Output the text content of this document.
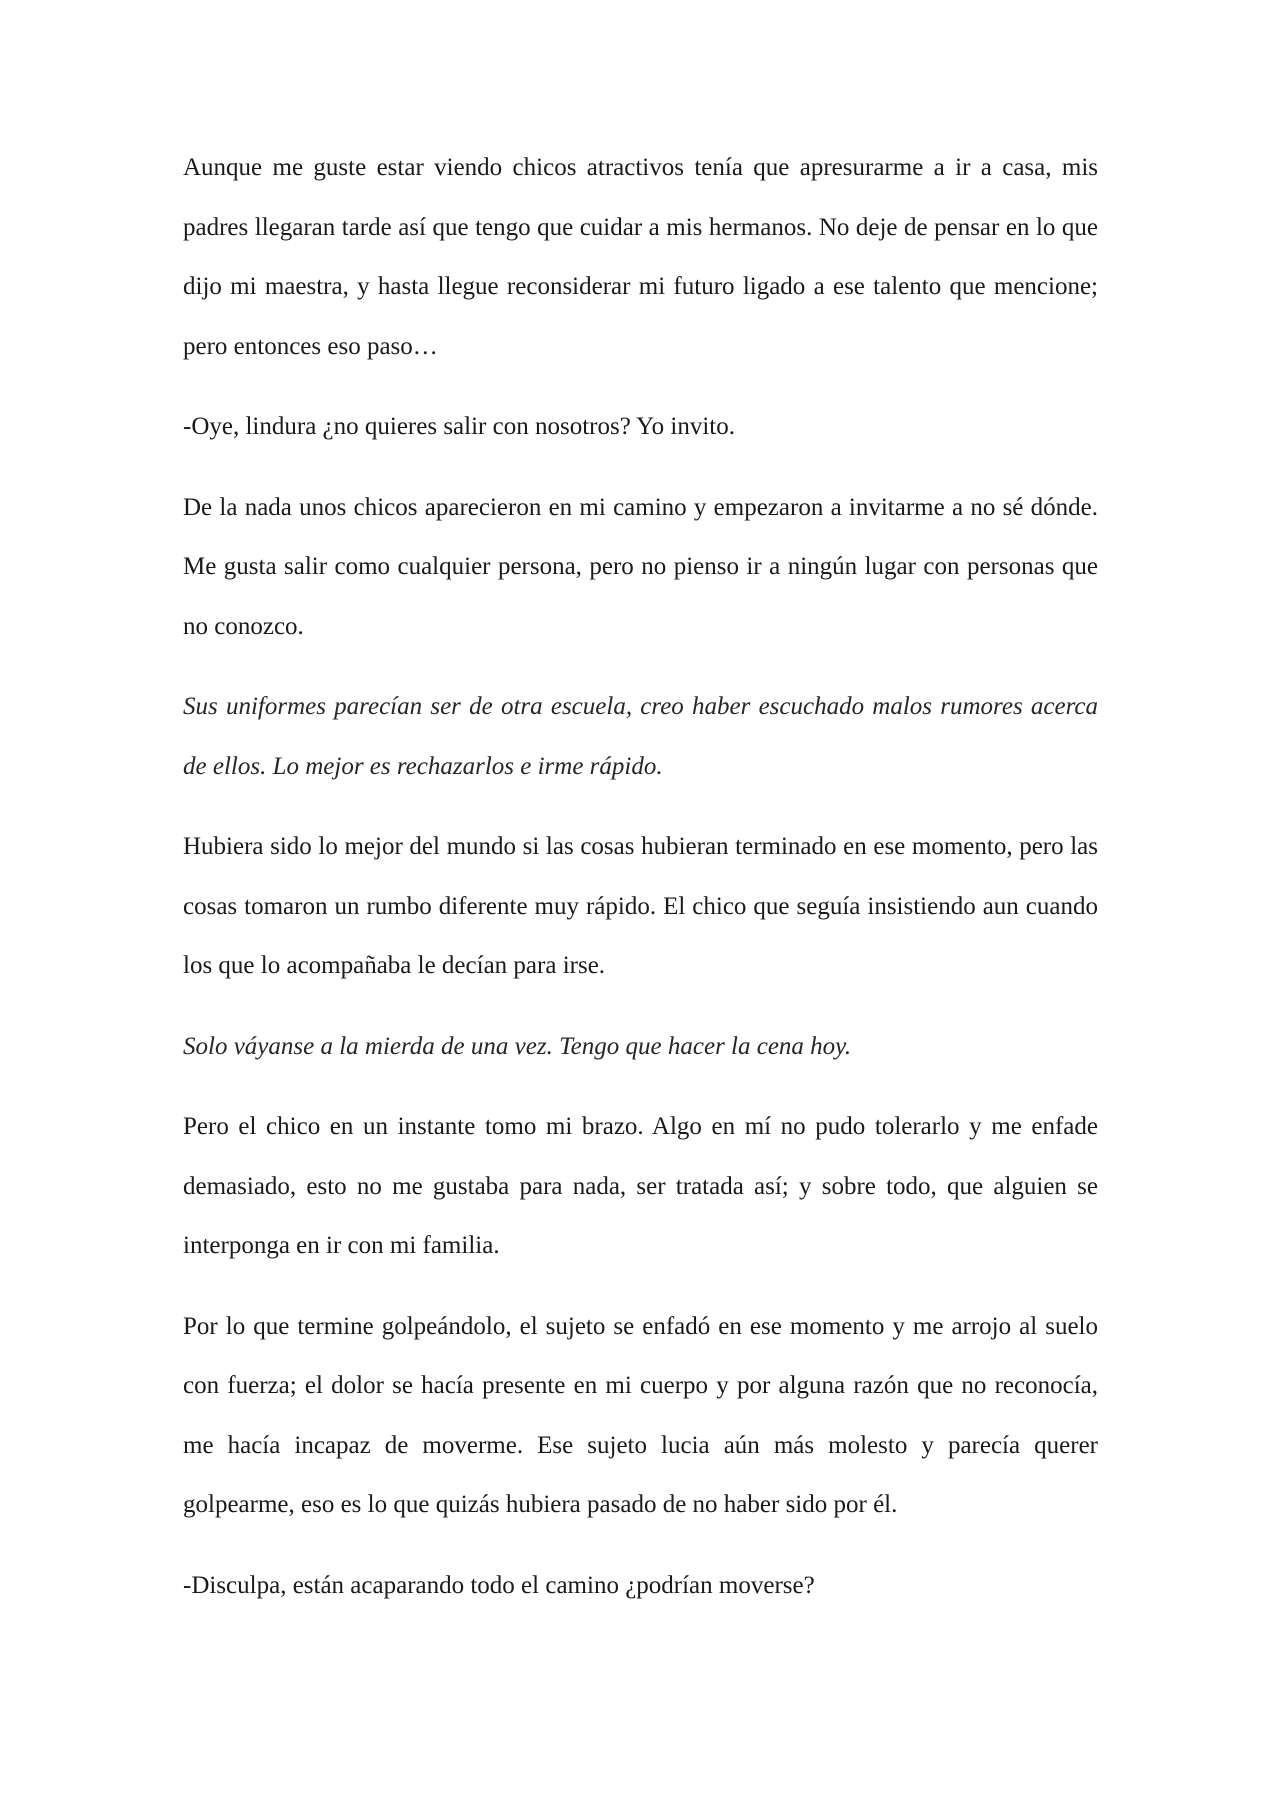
Aunque me guste estar viendo chicos atractivos tenía que apresurarme a ir a casa, mis padres llegaran tarde así que tengo que cuidar a mis hermanos. No deje de pensar en lo que dijo mi maestra, y hasta llegue reconsiderar mi futuro ligado a ese talento que mencione; pero entonces eso paso…

-Oye, lindura ¿no quieres salir con nosotros? Yo invito.

De la nada unos chicos aparecieron en mi camino y empezaron a invitarme a no sé dónde. Me gusta salir como cualquier persona, pero no pienso ir a ningún lugar con personas que no conozco.

Sus uniformes parecían ser de otra escuela, creo haber escuchado malos rumores acerca de ellos. Lo mejor es rechazarlos e irme rápido.

Hubiera sido lo mejor del mundo si las cosas hubieran terminado en ese momento, pero las cosas tomaron un rumbo diferente muy rápido. El chico que seguía insistiendo aun cuando los que lo acompañaba le decían para irse.

Solo váyanse a la mierda de una vez. Tengo que hacer la cena hoy.

Pero el chico en un instante tomo mi brazo. Algo en mí no pudo tolerarlo y me enfade demasiado, esto no me gustaba para nada, ser tratada así; y sobre todo, que alguien se interponga en ir con mi familia.

Por lo que termine golpeándolo, el sujeto se enfadó en ese momento y me arrojo al suelo con fuerza; el dolor se hacía presente en mi cuerpo y por alguna razón que no reconocía, me hacía incapaz de moverme. Ese sujeto lucia aún más molesto y parecía querer golpearme, eso es lo que quizás hubiera pasado de no haber sido por él.

-Disculpa, están acaparando todo el camino ¿podrían moverse?
